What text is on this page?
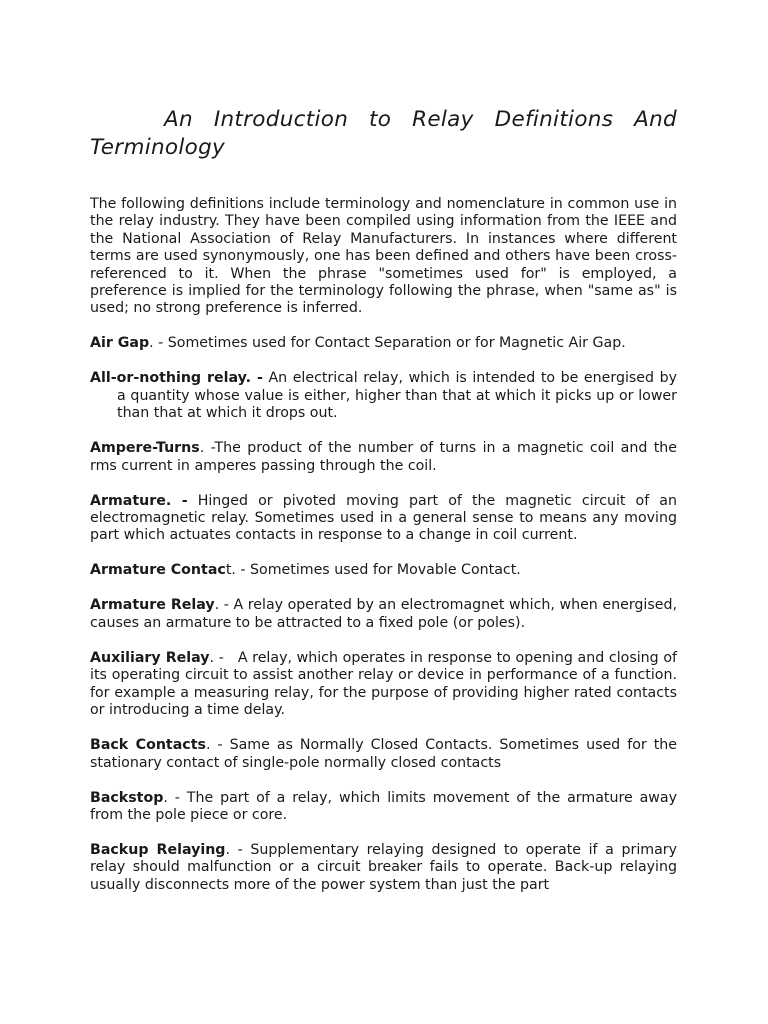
An Introduction to Relay Definitions And Terminology

The following definitions include terminology and nomenclature in common use in the relay industry. They have been compiled using information from the IEEE and the National Association of Relay Manufacturers. In instances where different terms are used synonymously, one has been defined and others have been cross-referenced to it. When the phrase "sometimes used for" is employed, a preference is implied for the terminology following the phrase, when "same as" is used; no strong preference is inferred.

Air Gap. - Sometimes used for Contact Separation or for Magnetic Air Gap.

All-or-nothing relay. - An electrical relay, which is intended to be energised by a quantity whose value is either, higher than that at which it picks up or lower than that at which it drops out.

Ampere-Turns. -The product of the number of turns in a magnetic coil and the rms current in amperes passing through the coil.

Armature. - Hinged or pivoted moving part of the magnetic circuit of an electromagnetic relay. Sometimes used in a general sense to means any moving part which actuates contacts in response to a change in coil current.

Armature Contact. - Sometimes used for Movable Contact.

Armature Relay. - A relay operated by an electromagnet which, when energised, causes an armature to be attracted to a fixed pole (or poles).

Auxiliary Relay. -   A relay, which operates in response to opening and closing of its operating circuit to assist another relay or device in performance of a function. for example a measuring relay, for the purpose of providing higher rated contacts or introducing a time delay.

Back Contacts. - Same as Normally Closed Contacts. Sometimes used for the stationary contact of single-pole normally closed contacts

Backstop. - The part of a relay, which limits movement of the armature away from the pole piece or core.

Backup Relaying. - Supplementary relaying designed to operate if a primary relay should malfunction or a circuit breaker fails to operate. Back-up relaying usually disconnects more of the power system than just the part
